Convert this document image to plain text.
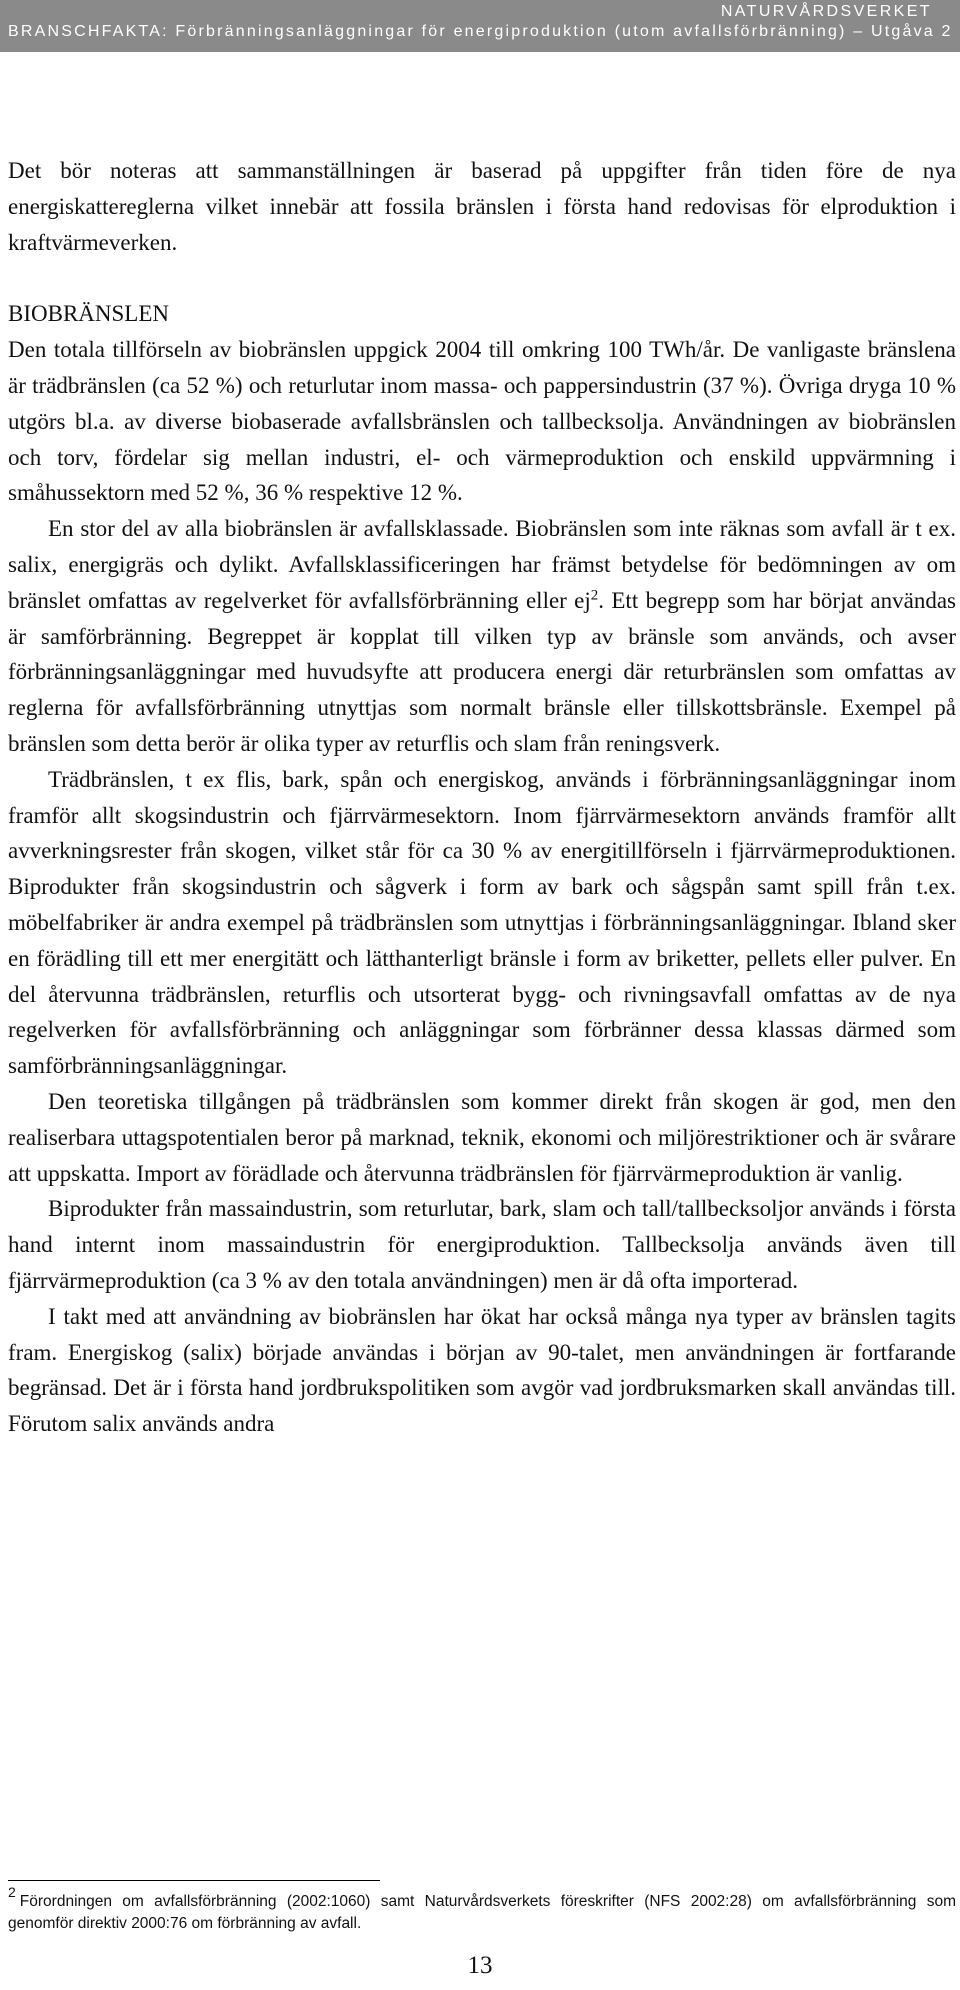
NATURVÅRDSVERKET
BRANSCHFAKTA: Förbränningsanläggningar för energiproduktion (utom avfallsförbränning) – Utgåva 2

Det bör noteras att sammanställningen är baserad på uppgifter från tiden före de nya energiskattereglerna vilket innebär att fossila bränslen i första hand redovisas för elproduktion i kraftvärmeverken.

BIOBRÄNSLEN

Den totala tillförseln av biobränslen uppgick 2004 till omkring 100 TWh/år. De vanligaste bränslena är trädbränslen (ca 52 %) och returlutar inom massa- och pappersindustrin (37 %). Övriga dryga 10 % utgörs bl.a. av diverse biobaserade avfallsbränslen och tallbecksolja. Användningen av biobränslen och torv, fördelar sig mellan industri, el- och värmeproduktion och enskild uppvärmning i småhussektorn med 52 %, 36 % respektive 12 %.

En stor del av alla biobränslen är avfallsklassade. Biobränslen som inte räknas som avfall är t ex. salix, energigräs och dylikt. Avfallsklassificeringen har främst betydelse för bedömningen av om bränslet omfattas av regelverket för avfallsförbränning eller $ej^2$. Ett begrepp som har börjat användas är samförbränning. Begreppet är kopplat till vilken typ av bränsle som används, och avser förbränningsanläggningar med huvudsyfte att producera energi där returbränslen som omfattas av reglerna för avfallsförbränning utnyttjas som normalt bränsle eller tillskottsbränsle. Exempel på bränslen som detta berör är olika typer av returflis och slam från reningsverk.

Trädbränslen, t ex flis, bark, spån och energiskog, används i förbränningsanläggningar inom framför allt skogsindustrin och fjärrvärmesektorn. Inom fjärrvärmesektorn används framför allt avverkningsrester från skogen, vilket står för ca 30 % av energitillförseln i fjärrvärmeproduktionen. Biprodukter från skogsindustrin och sågverk i form av bark och sågspån samt spill från t.ex. möbelfabriker är andra exempel på trädbränslen som utnyttjas i förbränningsanläggningar. Ibland sker en förädling till ett mer energitätt och lätthanterligt bränsle i form av briketter, pellets eller pulver. En del återvunna trädbränslen, returflis och utsorterat bygg- och rivningsavfall omfattas av de nya regelverken för avfallsförbränning och anläggningar som förbränner dessa klassas därmed som samförbränningsanläggningar.

Den teoretiska tillgången på trädbränslen som kommer direkt från skogen är god, men den realiserbara uttagspotentialen beror på marknad, teknik, ekonomi och miljörestriktioner och är svårare att uppskatta. Import av förädlade och återvunna trädbränslen för fjärrvärmeproduktion är vanlig.

Biprodukter från massaindustrin, som returlutar, bark, slam och tall/tallbecksoljor används i första hand internt inom massaindustrin för energiproduktion. Tallbecksolja används även till fjärrvärmeproduktion (ca 3 % av den totala användningen) men är då ofta importerad.

I takt med att användning av biobränslen har ökat har också många nya typer av bränslen tagits fram. Energiskog (salix) började användas i början av 90-talet, men användningen är fortfarande begränsad. Det är i första hand jordbrukspolitiken som avgör vad jordbruksmarken skall användas till. Förutom salix används andra

2Förordningen om avfallsförbränning (2002:1060) samt Naturvårdsverkets föreskrifter (NFS 2002:28) om avfallsförbränning som genomför direktiv 2000:76 om förbränning av avfall.
13
